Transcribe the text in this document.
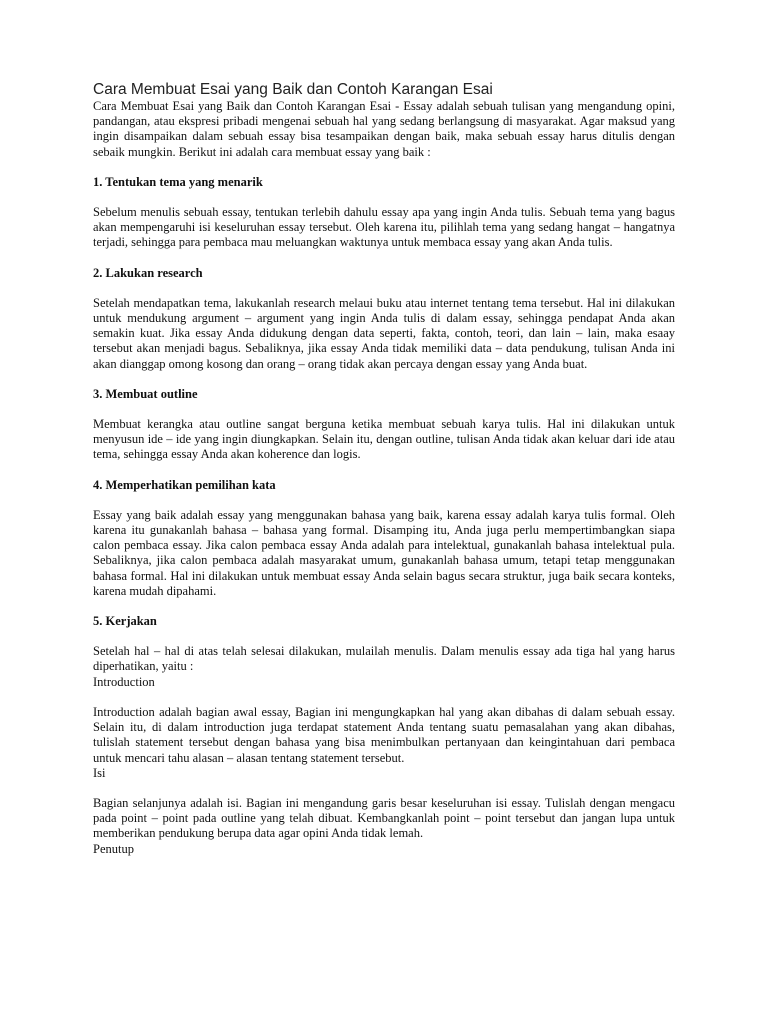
Cara Membuat Esai yang Baik dan Contoh Karangan Esai

Cara Membuat Esai yang Baik dan Contoh Karangan Esai - Essay adalah sebuah tulisan yang mengandung opini, pandangan, atau ekspresi pribadi mengenai sebuah hal yang sedang berlangsung di masyarakat. Agar maksud yang ingin disampaikan dalam sebuah essay bisa tesampaikan dengan baik, maka sebuah essay harus ditulis dengan sebaik mungkin. Berikut ini adalah cara membuat essay yang baik :

1. Tentukan tema yang menarik

Sebelum menulis sebuah essay, tentukan terlebih dahulu essay apa yang ingin Anda tulis. Sebuah tema yang bagus akan mempengaruhi isi keseluruhan essay tersebut. Oleh karena itu, pilihlah tema yang sedang hangat – hangatnya terjadi, sehingga para pembaca mau meluangkan waktunya untuk membaca essay yang akan Anda tulis.

2. Lakukan research

Setelah mendapatkan tema, lakukanlah research melaui buku atau internet tentang tema tersebut. Hal ini dilakukan untuk mendukung argument – argument yang ingin Anda tulis di dalam essay, sehingga pendapat Anda akan semakin kuat. Jika essay Anda didukung dengan data seperti, fakta, contoh, teori, dan lain – lain, maka esaay tersebut akan menjadi bagus. Sebaliknya, jika essay Anda tidak memiliki data – data pendukung, tulisan Anda ini akan dianggap omong kosong dan orang – orang tidak akan percaya dengan essay yang Anda buat.

3. Membuat outline

Membuat kerangka atau outline sangat berguna ketika membuat sebuah karya tulis. Hal ini dilakukan untuk menyusun ide – ide yang ingin diungkapkan. Selain itu, dengan outline, tulisan Anda tidak akan keluar dari ide atau tema, sehingga essay Anda akan koherence dan logis.

4. Memperhatikan pemilihan kata

Essay yang baik adalah essay yang menggunakan bahasa yang baik, karena essay adalah karya tulis formal. Oleh karena itu gunakanlah bahasa – bahasa yang formal. Disamping itu, Anda juga perlu mempertimbangkan siapa calon pembaca essay. Jika calon pembaca essay Anda adalah para intelektual, gunakanlah bahasa intelektual pula. Sebaliknya, jika calon pembaca adalah masyarakat umum, gunakanlah bahasa umum, tetapi tetap menggunakan bahasa formal. Hal ini dilakukan untuk membuat essay Anda selain bagus secara struktur, juga baik secara konteks, karena mudah dipahami.

5. Kerjakan

Setelah hal – hal di atas telah selesai dilakukan, mulailah menulis. Dalam menulis essay ada tiga hal yang harus diperhatikan, yaitu :

Introduction

Introduction adalah bagian awal essay, Bagian ini mengungkapkan hal yang akan dibahas di dalam sebuah essay. Selain itu, di dalam introduction juga terdapat statement Anda tentang suatu pemasalahan yang akan dibahas, tulislah statement tersebut dengan bahasa yang bisa menimbulkan pertanyaan dan keingintahuan dari pembaca untuk mencari tahu alasan – alasan tentang statement tersebut.

Isi

Bagian selanjunya adalah isi. Bagian ini mengandung garis besar keseluruhan isi essay. Tulislah dengan mengacu pada point – point pada outline yang telah dibuat. Kembangkanlah point – point tersebut dan jangan lupa untuk memberikan pendukung berupa data agar opini Anda tidak lemah.

Penutup
